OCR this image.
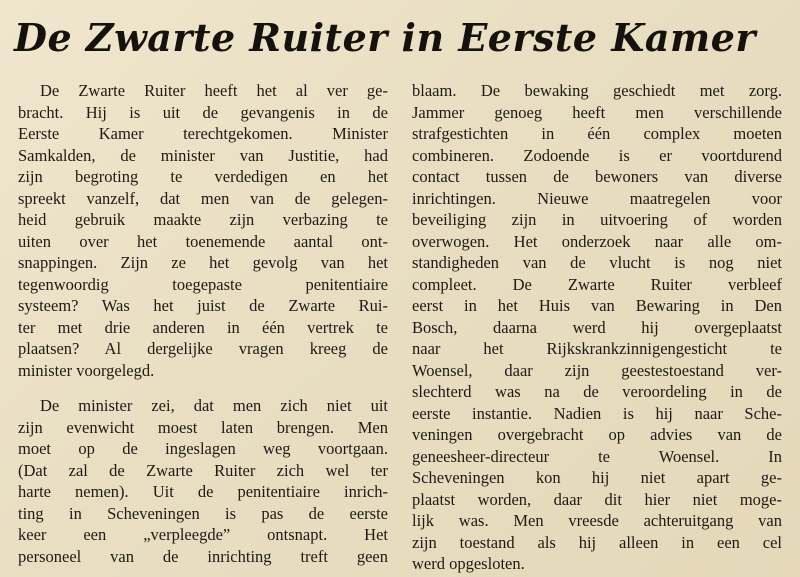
De Zwarte Ruiter in Eerste Kamer
De Zwarte Ruiter heeft het al ver ge-
bracht. Hij is uit de gevangenis in de
Eerste Kamer terechtgekomen. Minister
Samkalden, de minister van Justitie, had
zijn begroting te verdedigen en het
spreekt vanzelf, dat men van de gelegen-
heid gebruik maakte zijn verbazing te
uiten over het toenemende aantal ont-
snappingen. Zijn ze het gevolg van het
tegenwoordig toegepaste penitentiaire
systeem? Was het juist de Zwarte Rui-
ter met drie anderen in één vertrek te
plaatsen? Al dergelijke vragen kreeg de
minister voorgelegd.
De minister zei, dat men zich niet uit
zijn evenwicht moest laten brengen. Men
moet op de ingeslagen weg voortgaan.
(Dat zal de Zwarte Ruiter zich wel ter
harte nemen). Uit de penitentiaire inrich-
ting in Scheveningen is pas de eerste
keer een „verpleegde” ontsnapt. Het
personeel van de inrichting treft geen
blaam. De bewaking geschiedt met zorg.
Jammer genoeg heeft men verschillende
strafgestichten in één complex moeten
combineren. Zodoende is er voortdurend
contact tussen de bewoners van diverse
inrichtingen. Nieuwe maatregelen voor
beveiliging zijn in uitvoering of worden
overwogen. Het onderzoek naar alle om-
standigheden van de vlucht is nog niet
compleet. De Zwarte Ruiter verbleef
eerst in het Huis van Bewaring in Den
Bosch, daarna werd hij overgeplaatst
naar het Rijkskrankzinnigengesticht te
Woensel, daar zijn geestestoestand ver-
slechterd was na de veroordeling in de
eerste instantie. Nadien is hij naar Sche-
veningen overgebracht op advies van de
geneesheer-directeur te Woensel. In
Scheveningen kon hij niet apart ge-
plaatst worden, daar dit hier niet moge-
lijk was. Men vreesde achteruitgang van
zijn toestand als hij alleen in een cel
werd opgesloten.
